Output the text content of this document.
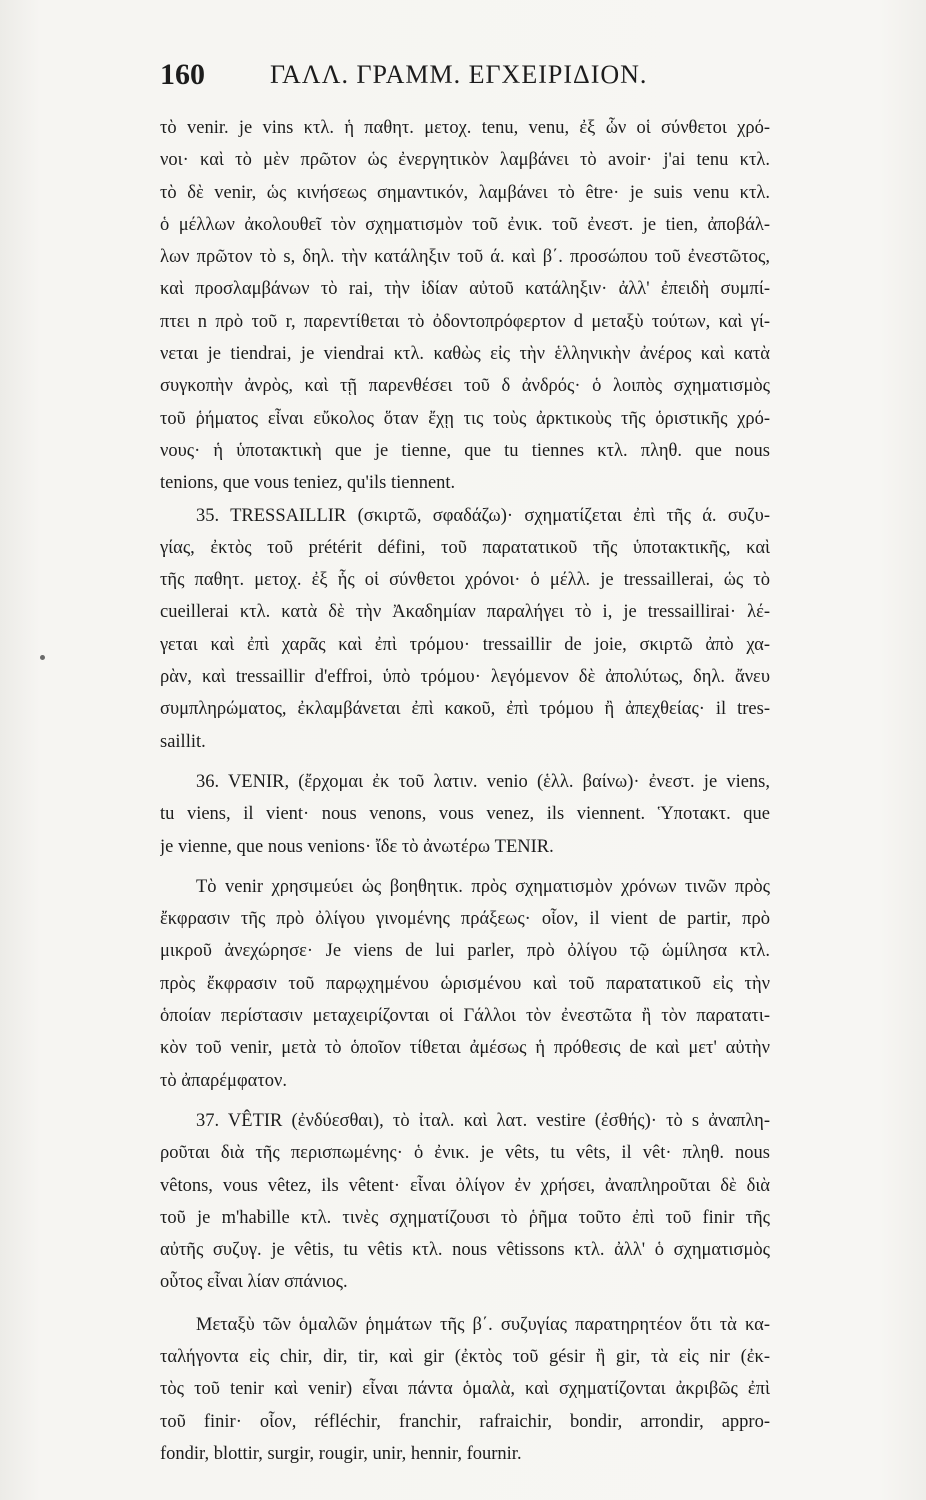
160	ΓΑΛΛ. ΓΡΑΜΜ. ΕΓΧΕΙΡΙΔΙΟΝ.
τὸ venir. je vins κτλ. ἡ παθητ. μετοχ. tenu, venu, ἐξ ὧν οἱ σύνθετοι χρό-
νοι· καὶ τὸ μὲν πρῶτον ὡς ἐνεργητικὸν λαμβάνει τὸ avoir· j'ai tenu κτλ.
τὸ δὲ venir, ὡς κινήσεως σημαντικόν, λαμβάνει τὸ être· je suis venu κτλ.
ὁ μέλλων ἀκολουθεῖ τὸν σχηματισμὸν τοῦ ἐνικ. τοῦ ἐνεστ. je tien, ἀποβάλ-
λων πρῶτον τὸ s, δηλ. τὴν κατάληξιν τοῦ ά. καὶ β΄. προσώπου τοῦ ἐνεστῶτος,
καὶ προσλαμβάνων τὸ rai, τὴν ἰδίαν αὐτοῦ κατάληξιν· ἀλλ' ἐπειδὴ συμπί-
πτει n πρὸ τοῦ r, παρεντίθεται τὸ ὀδοντοπρόφερτον d μεταξὺ τούτων, καὶ γί-
νεται je tiendrai, je viendrai κτλ. καθὼς εἰς τὴν ἑλληνικὴν ἀνέρος καὶ κατὰ
συγκοπὴν ἀνρὸς, καὶ τῇ παρενθέσει τοῦ δ ἀνδρός· ὁ λοιπὸς σχηματισμὸς
τοῦ ῥήματος εἶναι εὔκολος ὅταν ἔχῃ τις τοὺς ἀρκτικοὺς τῆς ὁριστικῆς χρό-
νους· ἡ ὑποτακτικὴ que je tienne, que tu tiennes κτλ. πληθ. que nous
tenions, que vous teniez, qu'ils tiennent.
35. TRESSAILLIR (σκιρτῶ, σφαδάζω)· σχηματίζεται ἐπὶ τῆς ά. συζυ-
γίας, ἐκτὸς τοῦ prétérit défini, τοῦ παρατατικοῦ τῆς ὑποτακτικῆς, καὶ
τῆς παθητ. μετοχ. ἐξ ἧς οἱ σύνθετοι χρόνοι· ὁ μέλλ. je tressaillerai, ὡς τὸ
cueillerai κτλ. κατὰ δὲ τὴν Ἀκαδημίαν παραλήγει τὸ i, je tressaillirai· λέ-
γεται καὶ ἐπὶ χαρᾶς καὶ ἐπὶ τρόμου· tressaillir de joie, σκιρτῶ ἀπὸ χα-
ρὰν, καὶ tressaillir d'effroi, ὑπὸ τρόμου· λεγόμενον δὲ ἀπολύτως, δηλ. ἄνευ
συμπληρώματος, ἐκλαμβάνεται ἐπὶ κακοῦ, ἐπὶ τρόμου ἢ ἀπεχθείας· il tres-
saillit.
36. VENIR, (ἔρχομαι ἐκ τοῦ λατιν. venio (ἑλλ. βαίνω)· ἐνεστ. je viens,
tu viens, il vient· nous venons, vous venez, ils viennent. Ὑποτακτ. que
je vienne, que nous venions· ἴδε τὸ ἀνωτέρω TENIR.
Τὸ venir χρησιμεύει ὡς βοηθητικ. πρὸς σχηματισμὸν χρόνων τινῶν πρὸς
ἔκφρασιν τῆς πρὸ ὀλίγου γινομένης πράξεως· οἷον, il vient de partir, πρὸ
μικροῦ ἀνεχώρησε· Je viens de lui parler, πρὸ ὀλίγου τῷ ὡμίλησα κτλ.
πρὸς ἔκφρασιν τοῦ παρῳχημένου ὡρισμένου καὶ τοῦ παρατατικοῦ εἰς τὴν
ὁποίαν περίστασιν μεταχειρίζονται οἱ Γάλλοι τὸν ἐνεστῶτα ἢ τὸν παρατατι-
κὸν τοῦ venir, μετὰ τὸ ὁποῖον τίθεται ἀμέσως ἡ πρόθεσις de καὶ μετ' αὐτὴν
τὸ ἀπαρέμφατον.
37. VÊTIR (ἐνδύεσθαι), τὸ ἰταλ. καὶ λατ. vestire (ἐσθής)· τὸ s ἀναπλη-
ροῦται διὰ τῆς περισπωμένης· ὁ ἐνικ. je vêts, tu vêts, il vêt· πληθ. nous
vêtons, vous vêtez, ils vêtent· εἶναι ὀλίγον ἐν χρήσει, ἀναπληροῦται δὲ διὰ
τοῦ je m'habille κτλ. τινὲς σχηματίζουσι τὸ ῥῆμα τοῦτο ἐπὶ τοῦ finir τῆς
αὐτῆς συζυγ. je vêtis, tu vêtis κτλ. nous vêtissons κτλ. ἀλλ' ὁ σχηματισμὸς
οὗτος εἶναι λίαν σπάνιος.
Μεταξὺ τῶν ὁμαλῶν ῥημάτων τῆς β΄. συζυγίας παρατηρητέον ὅτι τὰ κα-
ταλήγοντα εἰς chir, dir, tir, καὶ gir (ἐκτὸς τοῦ gésir ἢ gir, τὰ εἰς nir (ἐκ-
τὸς τοῦ tenir καὶ venir) εἶναι πάντα ὁμαλὰ, καὶ σχηματίζονται ἀκριβῶς ἐπὶ
τοῦ finir· οἷον, réfléchir, franchir, rafraichir, bondir, arrondir, appro-
fondir, blottir, surgir, rougir, unir, hennir, fournir.
